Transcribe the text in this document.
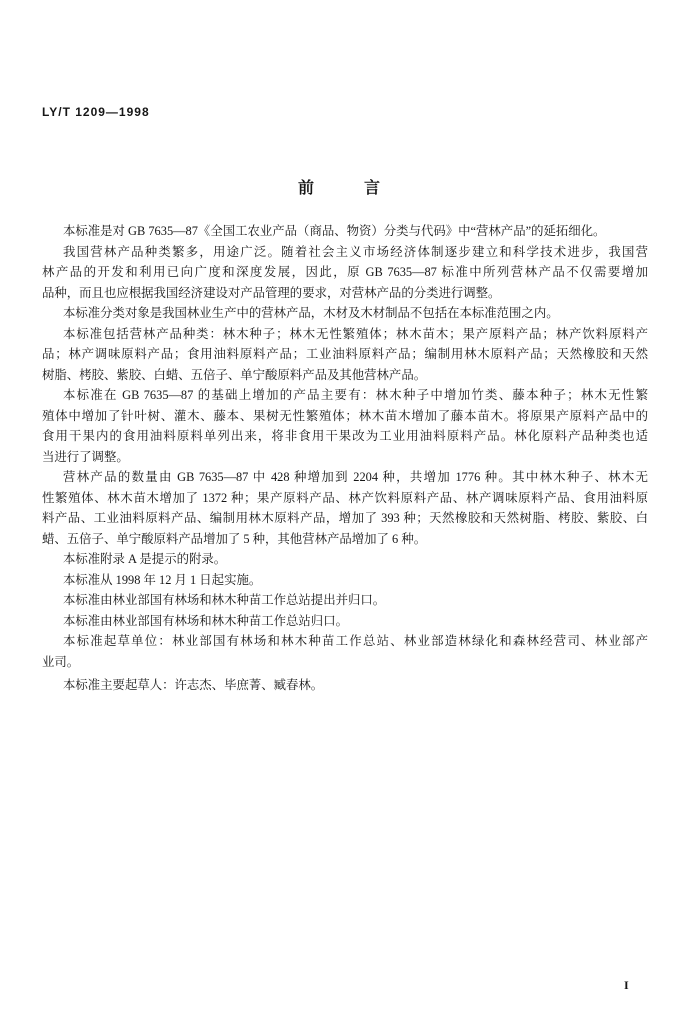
LY/T 1209—1998
前言
本标准是对 GB 7635—87《全国工农业产品（商品、物资）分类与代码》中“营林产品”的延拓细化。
我国营林产品种类繁多，用途广泛。随着社会主义市场经济体制逐步建立和科学技术进步，我国营
林产品的开发和利用已向广度和深度发展，因此，原 GB 7635—87 标准中所列营林产品不仅需要增加
品种，而且也应根据我国经济建设对产品管理的要求，对营林产品的分类进行调整。
本标准分类对象是我国林业生产中的营林产品，木材及木材制品不包括在本标准范围之内。
本标准包括营林产品种类：林木种子；林木无性繁殖体；林木苗木；果产原料产品；林产饮料原料产
品；林产调味原料产品；食用油料原料产品；工业油料原料产品；编制用林木原料产品；天然橡胶和天然
树脂、栲胶、紫胶、白蜡、五倍子、单宁酸原料产品及其他营林产品。
本标准在 GB 7635—87 的基础上增加的产品主要有：林木种子中增加竹类、藤本种子；林木无性繁
殖体中增加了针叶树、灌木、藤本、果树无性繁殖体；林木苗木增加了藤本苗木。将原果产原料产品中的
食用干果内的食用油料原料单列出来，将非食用干果改为工业用油料原料产品。林化原料产品种类也适
当进行了调整。
营林产品的数量由 GB 7635—87 中 428 种增加到 2204 种，共增加 1776 种。其中林木种子、林木无
性繁殖体、林木苗木增加了 1372 种；果产原料产品、林产饮料原料产品、林产调味原料产品、食用油料原
料产品、工业油料原料产品、编制用林木原料产品，增加了 393 种；天然橡胶和天然树脂、栲胶、紫胶、白
蜡、五倍子、单宁酸原料产品增加了 5 种，其他营林产品增加了 6 种。
本标准附录 A 是提示的附录。
本标准从 1998 年 12 月 1 日起实施。
本标准由林业部国有林场和林木种苗工作总站提出并归口。
本标准由林业部国有林场和林木种苗工作总站归口。
本标准起草单位：林业部国有林场和林木种苗工作总站、林业部造林绿化和森林经营司、林业部产
业司。
本标准主要起草人：许志杰、毕庶菁、臧春林。
I
